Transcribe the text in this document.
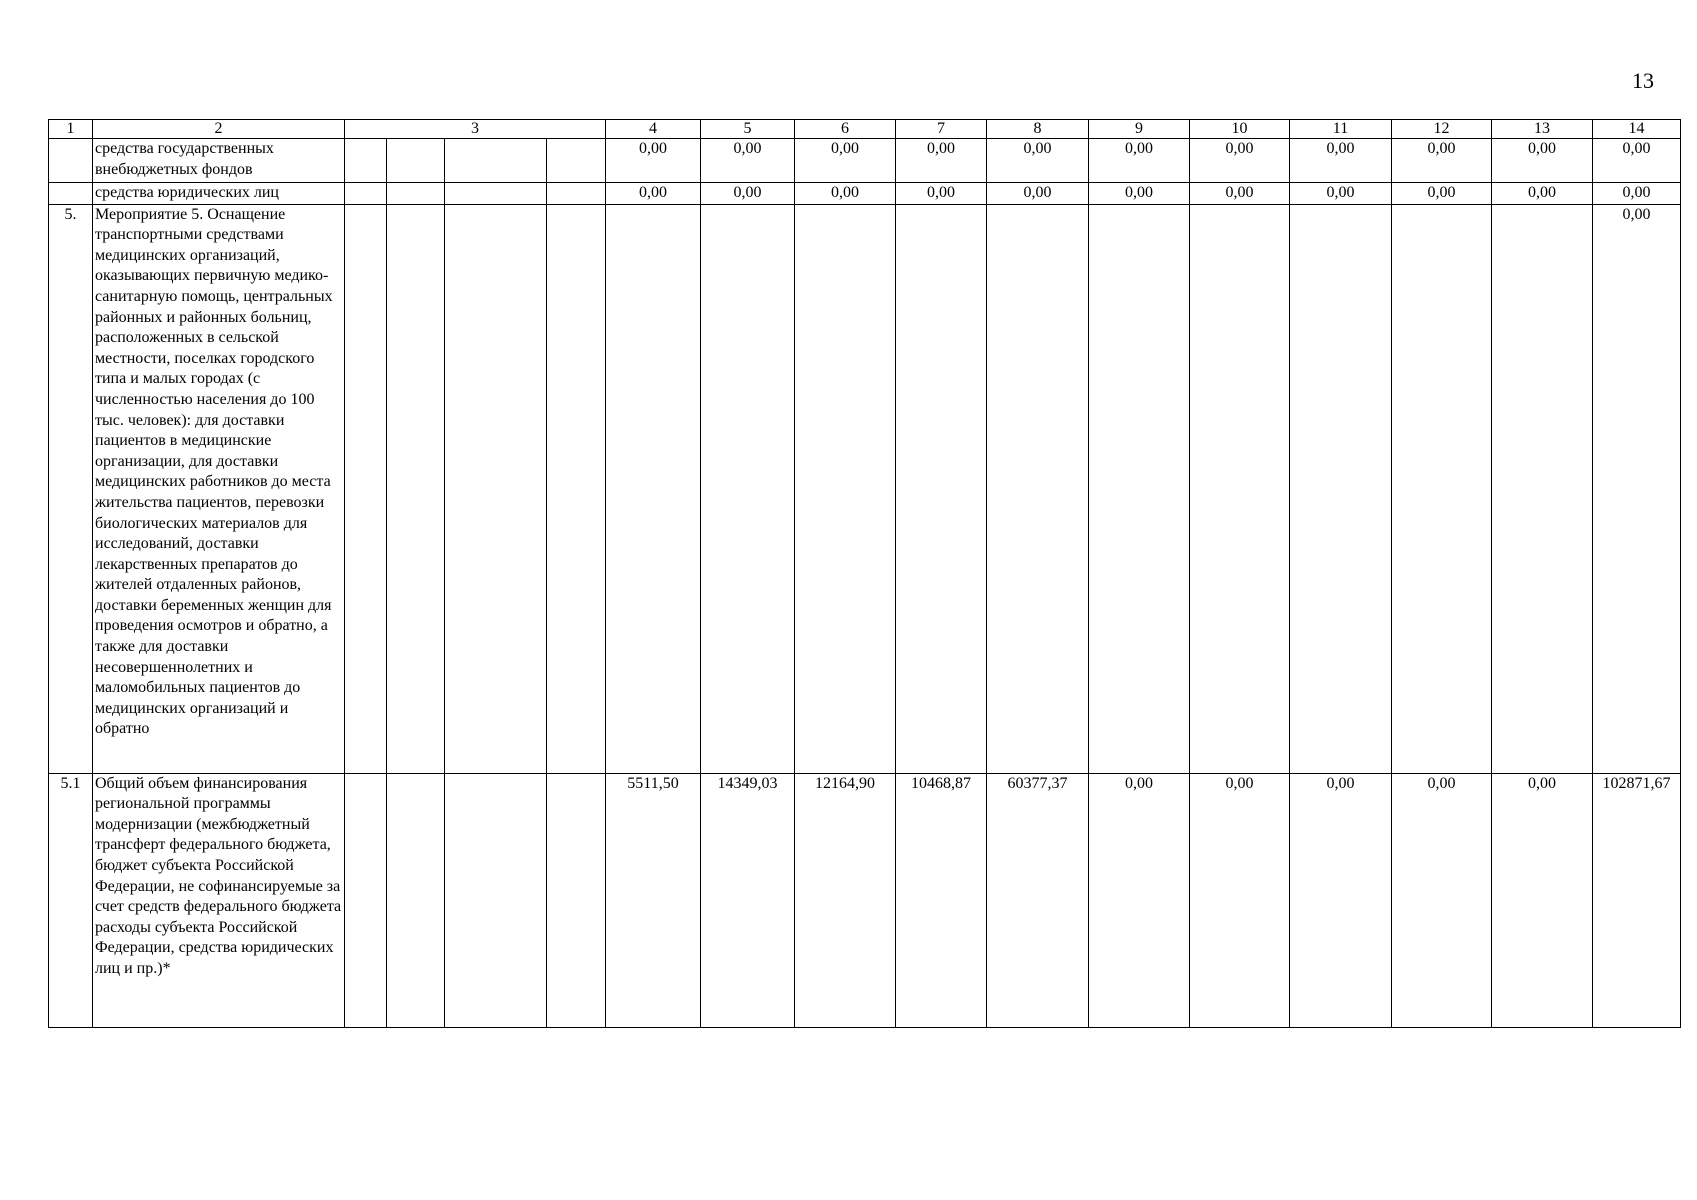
13
1	2	3				4	5	6	7	8	9	10	11	12	13	14
	средства государственных внебюджетных фондов					0,00	0,00	0,00	0,00	0,00	0,00	0,00	0,00	0,00	0,00	0,00
	средства юридических лиц					0,00	0,00	0,00	0,00	0,00	0,00	0,00	0,00	0,00	0,00	0,00
5.	Мероприятие 5. Оснащение транспортными средствами медицинских организаций, оказывающих первичную медико-санитарную помощь, центральных районных и районных больниц, расположенных в сельской местности, поселках городского типа и малых городах (с численностью населения до 100 тыс. человек): для доставки пациентов в медицинские организации, для доставки медицинских работников до места жительства пациентов, перевозки биологических материалов для исследований, доставки лекарственных препаратов до жителей отдаленных районов, доставки беременных женщин для проведения осмотров и обратно, а также для доставки несовершеннолетних и маломобильных пациентов до медицинских организаций и обратно															0,00
5.1	Общий объем финансирования региональной программы модернизации (межбюджетный трансферт федерального бюджета, бюджет субъекта Российской Федерации, не софинансируемые за счет средств федерального бюджета расходы субъекта Российской Федерации, средства юридических лиц и пр.)*					5511,50	14349,03	12164,90	10468,87	60377,37	0,00	0,00	0,00	0,00	0,00	102871,67
